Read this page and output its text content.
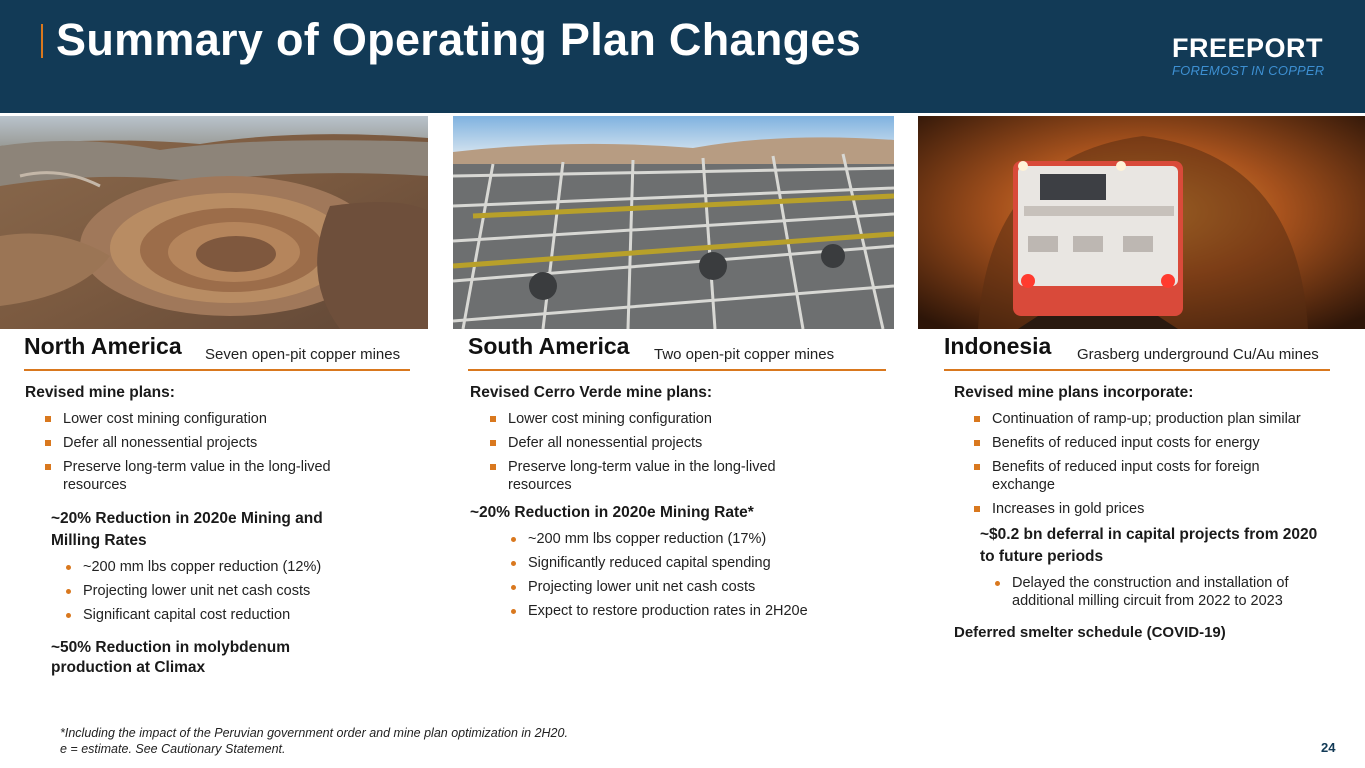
Summary of Operating Plan Changes	FREEPORT
FOREMOST IN COPPER
North America Seven open-pit copper mines	South America Two open-pit copper mines	Indonesia Grasberg underground Cu/Au mines
Revised mine plans:
Lower cost mining configuration
Defer all nonessential projects
Preserve long-term value in the long-lived resources
~20% Reduction in 2020e Mining and Milling Rates
~200 mm lbs copper reduction (12%)
Projecting lower unit net cash costs
Significant capital cost reduction
~50% Reduction in molybdenum production at Climax
Revised Cerro Verde mine plans:
Lower cost mining configuration
Defer all nonessential projects
Preserve long-term value in the long-lived resources
~20% Reduction in 2020e Mining Rate*
~200 mm lbs copper reduction (17%)
Significantly reduced capital spending
Projecting lower unit net cash costs
Expect to restore production rates in 2H20e
Revised mine plans incorporate:
Continuation of ramp-up; production plan similar
Benefits of reduced input costs for energy
Benefits of reduced input costs for foreign exchange
Increases in gold prices
~$0.2 bn deferral in capital projects from 2020 to future periods
Delayed the construction and installation of additional milling circuit from 2022 to 2023
Deferred smelter schedule (COVID-19)
*Including the impact of the Peruvian government order and mine plan optimization in 2H20.
e = estimate. See Cautionary Statement.	24
